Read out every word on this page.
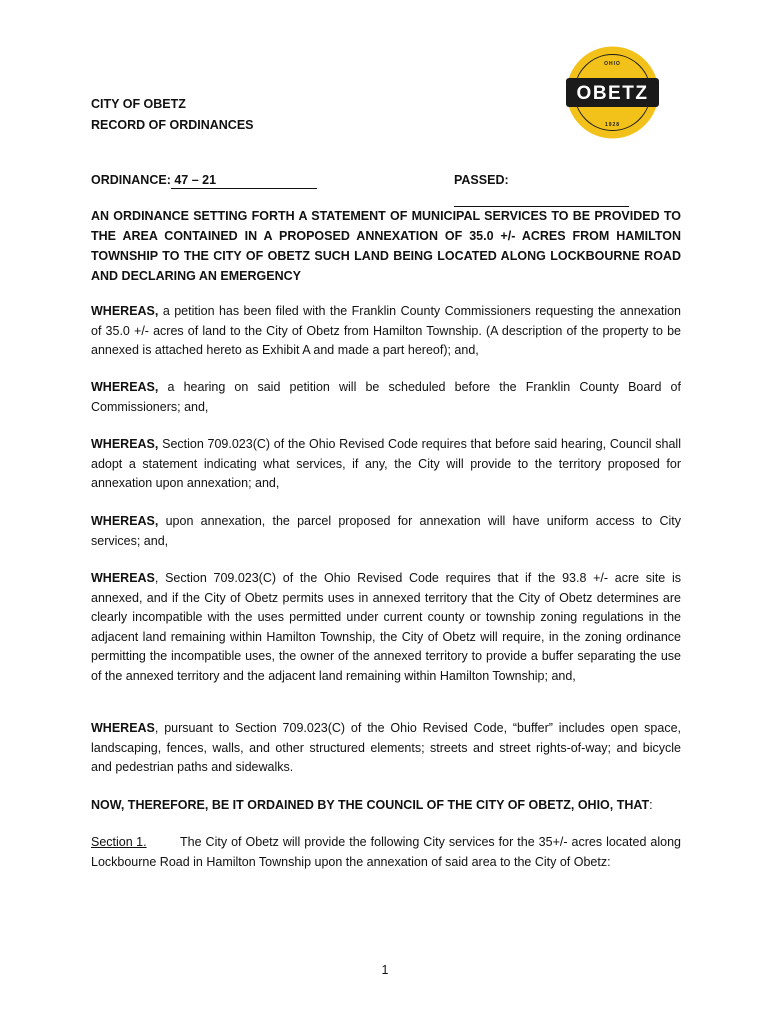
OBETZ
OHIO
1928
CITY OF OBETZ
RECORD OF ORDINANCES
ORDINANCE: 47 – 21	PASSED:
AN ORDINANCE SETTING FORTH A STATEMENT OF MUNICIPAL SERVICES TO BE PROVIDED TO THE AREA CONTAINED IN A PROPOSED ANNEXATION OF 35.0 +/- ACRES FROM HAMILTON TOWNSHIP TO THE CITY OF OBETZ SUCH LAND BEING LOCATED ALONG LOCKBOURNE ROAD AND DECLARING AN EMERGENCY
WHEREAS, a petition has been filed with the Franklin County Commissioners requesting the annexation of 35.0 +/- acres of land to the City of Obetz from Hamilton Township. (A description of the property to be annexed is attached hereto as Exhibit A and made a part hereof); and,
WHEREAS, a hearing on said petition will be scheduled before the Franklin County Board of Commissioners; and,
WHEREAS, Section 709.023(C) of the Ohio Revised Code requires that before said hearing, Council shall adopt a statement indicating what services, if any, the City will provide to the territory proposed for annexation upon annexation; and,
WHEREAS, upon annexation, the parcel proposed for annexation will have uniform access to City services; and,
WHEREAS, Section 709.023(C) of the Ohio Revised Code requires that if the 93.8 +/- acre site is annexed, and if the City of Obetz permits uses in annexed territory that the City of Obetz determines are clearly incompatible with the uses permitted under current county or township zoning regulations in the adjacent land remaining within Hamilton Township, the City of Obetz will require, in the zoning ordinance permitting the incompatible uses, the owner of the annexed territory to provide a buffer separating the use of the annexed territory and the adjacent land remaining within Hamilton Township; and,
WHEREAS, pursuant to Section 709.023(C) of the Ohio Revised Code, “buffer” includes open space, landscaping, fences, walls, and other structured elements; streets and street rights-of-way; and bicycle and pedestrian paths and sidewalks.
NOW, THEREFORE, BE IT ORDAINED BY THE COUNCIL OF THE CITY OF OBETZ, OHIO, THAT:
Section 1.	The City of Obetz will provide the following City services for the 35+/- acres located along Lockbourne Road in Hamilton Township upon the annexation of said area to the City of Obetz:
1
